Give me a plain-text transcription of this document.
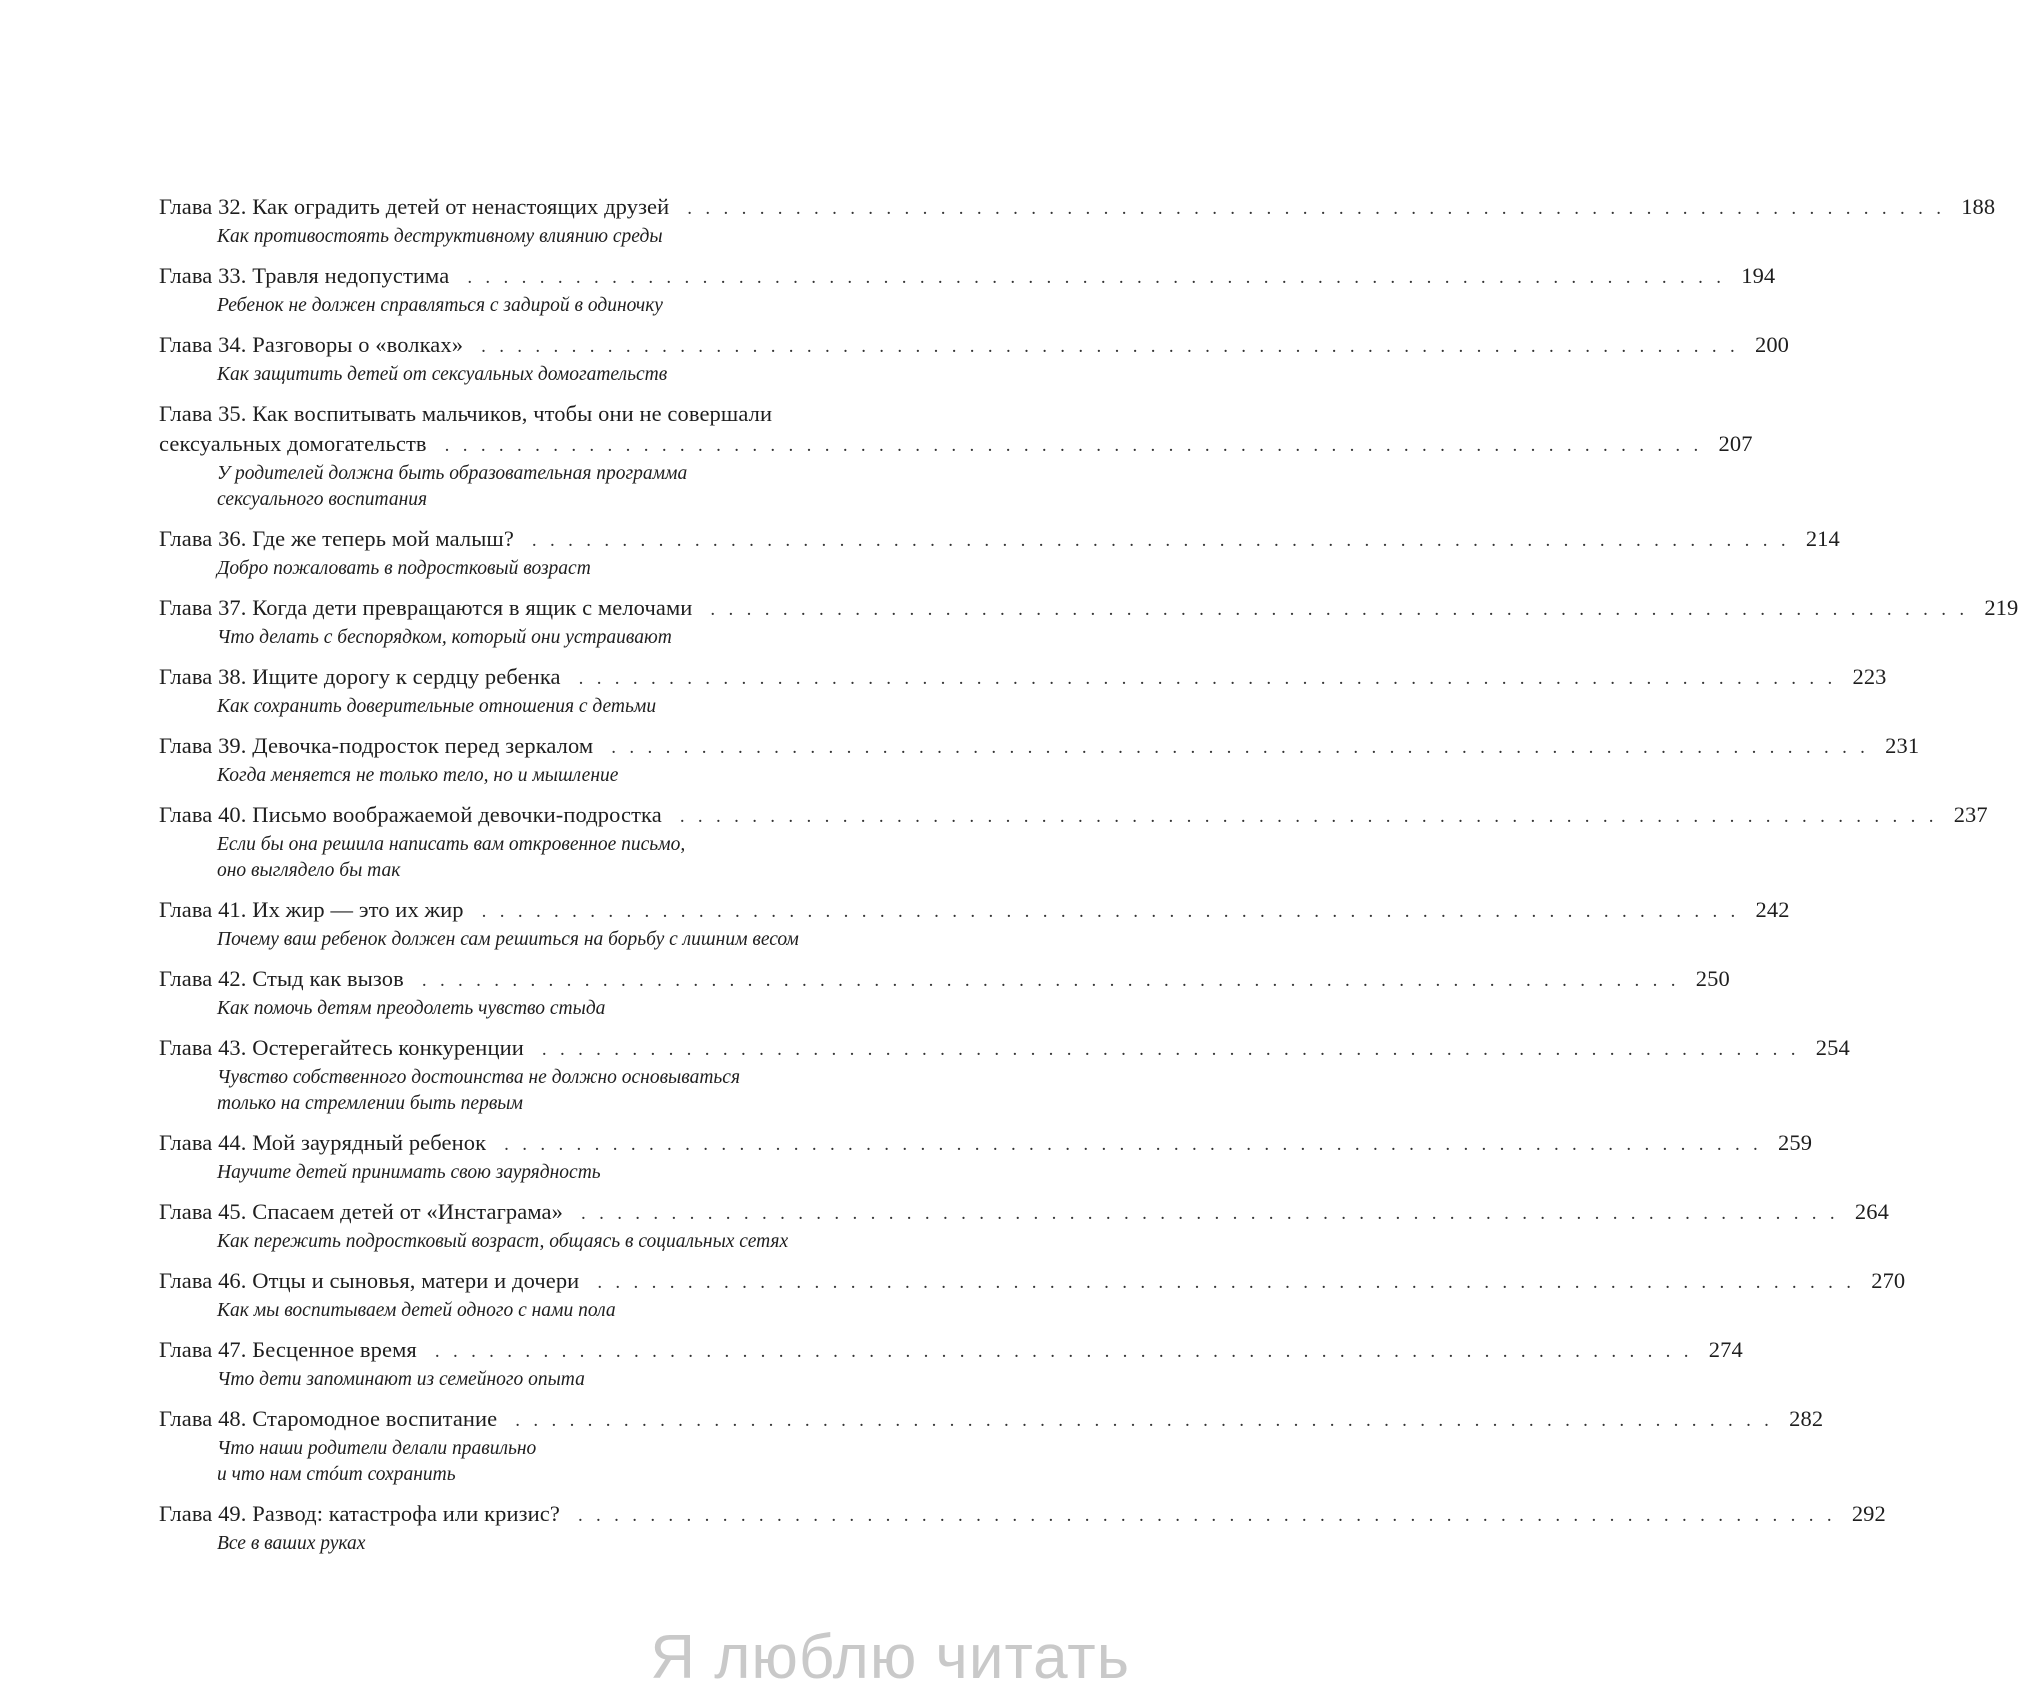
Глава 32. Как оградить детей от ненастоящих друзей . . . . . . . . . . . . . . . . . . . . . . . . . . . . . . . . . . . . . . . . . . . . . . . . . . . . . . . . . . . . . . . . . . . . . . 188
Как противостоять деструктивному влиянию среды
Глава 33. Травля недопустима . . . . . . . . . . . . . . . . . . . . . . . . . . . . . . . . . . . . . . . . . . . . . . . . . . . . . . . . . . . . . . . . . . . . . . 194
Ребенок не должен справляться с задирой в одиночку
Глава 34. Разговоры о «волках» . . . . . . . . . . . . . . . . . . . . . . . . . . . . . . . . . . . . . . . . . . . . . . . . . . . . . . . . . . . . . . . . . . . . . . 200
Как защитить детей от сексуальных домогательств
Глава 35. Как воспитывать мальчиков, чтобы они не совершали
сексуальных домогательств . . . . . . . . . . . . . . . . . . . . . . . . . . . . . . . . . . . . . . . . . . . . . . . . . . . . . . . . . . . . . . . . . . . . . . 207
У родителей должна быть образовательная программа
сексуального воспитания
Глава 36. Где же теперь мой малыш? . . . . . . . . . . . . . . . . . . . . . . . . . . . . . . . . . . . . . . . . . . . . . . . . . . . . . . . . . . . . . . . . . . . . . . 214
Добро пожаловать в подростковый возраст
Глава 37. Когда дети превращаются в ящик с мелочами . . . . . . . . . . . . . . . . . . . . . . . . . . . . . . . . . . . . . . . . . . . . . . . . . . . . . . . . . . . . . . . . . . . . . . 219
Что делать с беспорядком, который они устраивают
Глава 38. Ищите дорогу к сердцу ребенка . . . . . . . . . . . . . . . . . . . . . . . . . . . . . . . . . . . . . . . . . . . . . . . . . . . . . . . . . . . . . . . . . . . . . . 223
Как сохранить доверительные отношения с детьми
Глава 39. Девочка-подросток перед зеркалом . . . . . . . . . . . . . . . . . . . . . . . . . . . . . . . . . . . . . . . . . . . . . . . . . . . . . . . . . . . . . . . . . . . . . . 231
Когда меняется не только тело, но и мышление
Глава 40. Письмо воображаемой девочки-подростка . . . . . . . . . . . . . . . . . . . . . . . . . . . . . . . . . . . . . . . . . . . . . . . . . . . . . . . . . . . . . . . . . . . . . . 237
Если бы она решила написать вам откровенное письмо,
оно выглядело бы так
Глава 41. Их жир — это их жир . . . . . . . . . . . . . . . . . . . . . . . . . . . . . . . . . . . . . . . . . . . . . . . . . . . . . . . . . . . . . . . . . . . . . . 242
Почему ваш ребенок должен сам решиться на борьбу с лишним весом
Глава 42. Стыд как вызов . . . . . . . . . . . . . . . . . . . . . . . . . . . . . . . . . . . . . . . . . . . . . . . . . . . . . . . . . . . . . . . . . . . . . . 250
Как помочь детям преодолеть чувство стыда
Глава 43. Остерегайтесь конкуренции . . . . . . . . . . . . . . . . . . . . . . . . . . . . . . . . . . . . . . . . . . . . . . . . . . . . . . . . . . . . . . . . . . . . . . 254
Чувство собственного достоинства не должно основываться
только на стремлении быть первым
Глава 44. Мой заурядный ребенок . . . . . . . . . . . . . . . . . . . . . . . . . . . . . . . . . . . . . . . . . . . . . . . . . . . . . . . . . . . . . . . . . . . . . . 259
Научите детей принимать свою заурядность
Глава 45. Спасаем детей от «Инстаграма» . . . . . . . . . . . . . . . . . . . . . . . . . . . . . . . . . . . . . . . . . . . . . . . . . . . . . . . . . . . . . . . . . . . . . . 264
Как пережить подростковый возраст, общаясь в социальных сетях
Глава 46. Отцы и сыновья, матери и дочери . . . . . . . . . . . . . . . . . . . . . . . . . . . . . . . . . . . . . . . . . . . . . . . . . . . . . . . . . . . . . . . . . . . . . . 270
Как мы воспитываем детей одного с нами пола
Глава 47. Бесценное время . . . . . . . . . . . . . . . . . . . . . . . . . . . . . . . . . . . . . . . . . . . . . . . . . . . . . . . . . . . . . . . . . . . . . . 274
Что дети запоминают из семейного опыта
Глава 48. Старомодное воспитание . . . . . . . . . . . . . . . . . . . . . . . . . . . . . . . . . . . . . . . . . . . . . . . . . . . . . . . . . . . . . . . . . . . . . . 282
Что наши родители делали правильно
и что нам стóит сохранить
Глава 49. Развод: катастрофа или кризис? . . . . . . . . . . . . . . . . . . . . . . . . . . . . . . . . . . . . . . . . . . . . . . . . . . . . . . . . . . . . . . . . . . . . . . 292
Все в ваших руках
Я люблю читать
